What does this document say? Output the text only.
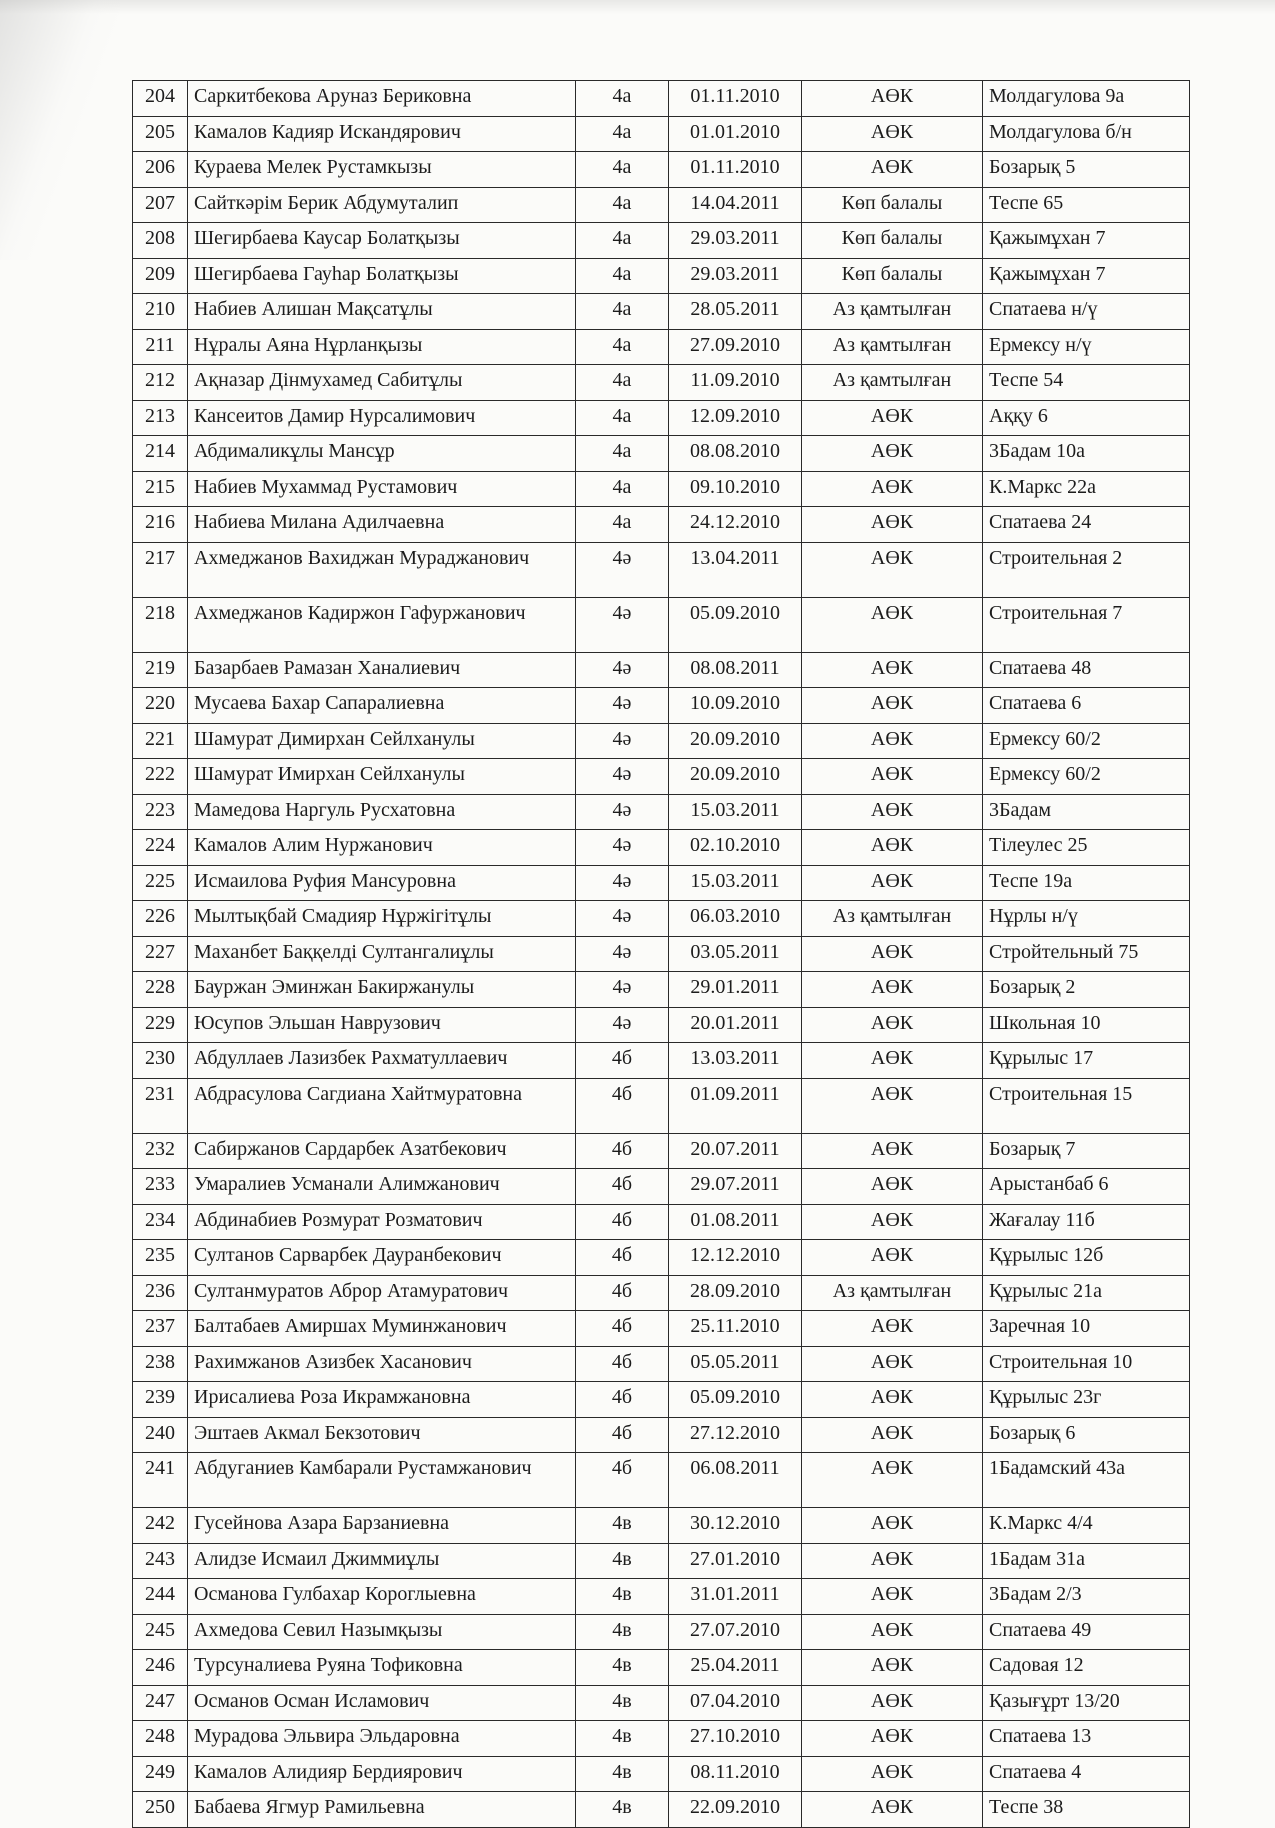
204	Саркитбекова Аруназ Бериковна	4а	01.11.2010	АӨК	Молдагулова 9а
205	Камалов Кадияр Искандярович	4а	01.01.2010	АӨК	Молдагулова б/н
206	Кураева Мелек Рустамкызы	4а	01.11.2010	АӨК	Бозарық 5
207	Сайткәрім Берик Абдумуталип	4а	14.04.2011	Көп балалы	Теспе 65
208	Шегирбаева Каусар Болатқызы	4а	29.03.2011	Көп балалы	Қажымұхан 7
209	Шегирбаева Гауһар Болатқызы	4а	29.03.2011	Көп балалы	Қажымұхан 7
210	Набиев Алишан Мақсатұлы	4а	28.05.2011	Аз қамтылған	Спатаева н/ү
211	Нұралы Аяна Нұрланқызы	4а	27.09.2010	Аз қамтылған	Ермексу н/ү
212	Ақназар Дінмухамед Сабитұлы	4а	11.09.2010	Аз қамтылған	Теспе 54
213	Кансеитов Дамир Нурсалимович	4а	12.09.2010	АӨК	Аққу 6
214	Абдималикұлы Мансұр	4а	08.08.2010	АӨК	3Бадам 10а
215	Набиев Мухаммад Рустамович	4а	09.10.2010	АӨК	К.Маркс 22а
216	Набиева Милана Адилчаевна	4а	24.12.2010	АӨК	Спатаева 24
217	Ахмеджанов Вахиджан Мураджанович	4ә	13.04.2011	АӨК	Строительная 2
218	Ахмеджанов Кадиржон Гафуржанович	4ә	05.09.2010	АӨК	Строительная 7
219	Базарбаев Рамазан Ханалиевич	4ә	08.08.2011	АӨК	Спатаева 48
220	Мусаева Бахар Сапаралиевна	4ә	10.09.2010	АӨК	Спатаева 6
221	Шамурат Димирхан Сейлханулы	4ә	20.09.2010	АӨК	Ермексу 60/2
222	Шамурат Имирхан Сейлханулы	4ә	20.09.2010	АӨК	Ермексу 60/2
223	Мамедова Наргуль Русхатовна	4ә	15.03.2011	АӨК	3Бадам
224	Камалов Алим Нуржанович	4ә	02.10.2010	АӨК	Тілеулес 25
225	Исмаилова Руфия Мансуровна	4ә	15.03.2011	АӨК	Теспе 19а
226	Мылтықбай Смадияр Нұржігітұлы	4ә	06.03.2010	Аз қамтылған	Нұрлы н/ү
227	Маханбет Баққелді Султангалиұлы	4ә	03.05.2011	АӨК	Стройтельный 75
228	Бауржан Эминжан Бакиржанулы	4ә	29.01.2011	АӨК	Бозарық 2
229	Юсупов Эльшан Наврузович	4ә	20.01.2011	АӨК	Школьная 10
230	Абдуллаев Лазизбек Рахматуллаевич	4б	13.03.2011	АӨК	Құрылыс 17
231	Абдрасулова Сагдиана Хайтмуратовна	4б	01.09.2011	АӨК	Строительная 15
232	Сабиржанов Сардарбек Азатбекович	4б	20.07.2011	АӨК	Бозарық 7
233	Умаралиев Усманали Алимжанович	4б	29.07.2011	АӨК	Арыстанбаб 6
234	Абдинабиев Розмурат Розматович	4б	01.08.2011	АӨК	Жағалау 11б
235	Султанов Сарварбек Дауранбекович	4б	12.12.2010	АӨК	Құрылыс 12б
236	Султанмуратов Аброр Атамуратович	4б	28.09.2010	Аз қамтылған	Құрылыс 21а
237	Балтабаев Амиршах Муминжанович	4б	25.11.2010	АӨК	Заречная 10
238	Рахимжанов Азизбек Хасанович	4б	05.05.2011	АӨК	Строительная 10
239	Ирисалиева Роза Икрамжановна	4б	05.09.2010	АӨК	Құрылыс 23г
240	Эштаев Акмал Бекзотович	4б	27.12.2010	АӨК	Бозарық 6
241	Абдуганиев Камбарали Рустамжанович	4б	06.08.2011	АӨК	1Бадамский 43а
242	Гусейнова Азара Барзаниевна	4в	30.12.2010	АӨК	К.Маркс 4/4
243	Алидзе Исмаил Джиммиұлы	4в	27.01.2010	АӨК	1Бадам 31а
244	Османова Гулбахар Короглыевна	4в	31.01.2011	АӨК	3Бадам 2/3
245	Ахмедова Севил Назымқызы	4в	27.07.2010	АӨК	Спатаева 49
246	Турсуналиева Руяна Тофиковна	4в	25.04.2011	АӨК	Садовая 12
247	Османов Осман Исламович	4в	07.04.2010	АӨК	Қазығұрт 13/20
248	Мурадова Эльвира Эльдаровна	4в	27.10.2010	АӨК	Спатаева 13
249	Камалов Алидияр Бердиярович	4в	08.11.2010	АӨК	Спатаева 4
250	Бабаева Ягмур Рамильевна	4в	22.09.2010	АӨК	Теспе 38
